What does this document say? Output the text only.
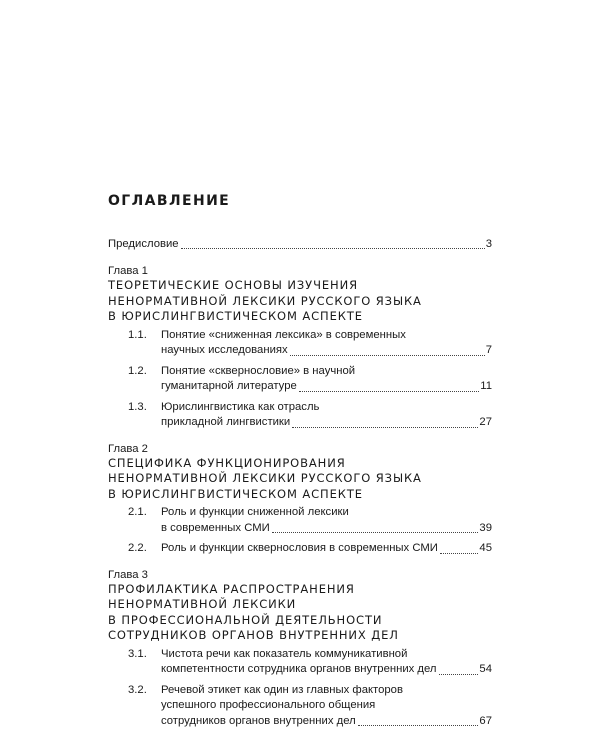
ОГЛАВЛЕНИЕ
Предисловие	3
Глава 1
ТЕОРЕТИЧЕСКИЕ ОСНОВЫ ИЗУЧЕНИЯ
НЕНОРМАТИВНОЙ ЛЕКСИКИ РУССКОГО ЯЗЫКА
В ЮРИСЛИНГВИСТИЧЕСКОМ АСПЕКТЕ
1.1.	Понятие «сниженная лексика» в современных
научных исследованиях	7
1.2.	Понятие «сквернословие» в научной
гуманитарной литературе	11
1.3.	Юрислингвистика как отрасль
прикладной лингвистики	27
Глава 2
СПЕЦИФИКА ФУНКЦИОНИРОВАНИЯ
НЕНОРМАТИВНОЙ ЛЕКСИКИ РУССКОГО ЯЗЫКА
В ЮРИСЛИНГВИСТИЧЕСКОМ АСПЕКТЕ
2.1.	Роль и функции сниженной лексики
в современных СМИ	39
2.2.	Роль и функции сквернословия в современных СМИ	45
Глава 3
ПРОФИЛАКТИКА РАСПРОСТРАНЕНИЯ
НЕНОРМАТИВНОЙ ЛЕКСИКИ
В ПРОФЕССИОНАЛЬНОЙ ДЕЯТЕЛЬНОСТИ
СОТРУДНИКОВ ОРГАНОВ ВНУТРЕННИХ ДЕЛ
3.1.	Чистота речи как показатель коммуникативной
компетентности сотрудника органов внутренних дел	54
3.2.	Речевой этикет как один из главных факторов
успешного профессионального общения
сотрудников органов внутренних дел	67
